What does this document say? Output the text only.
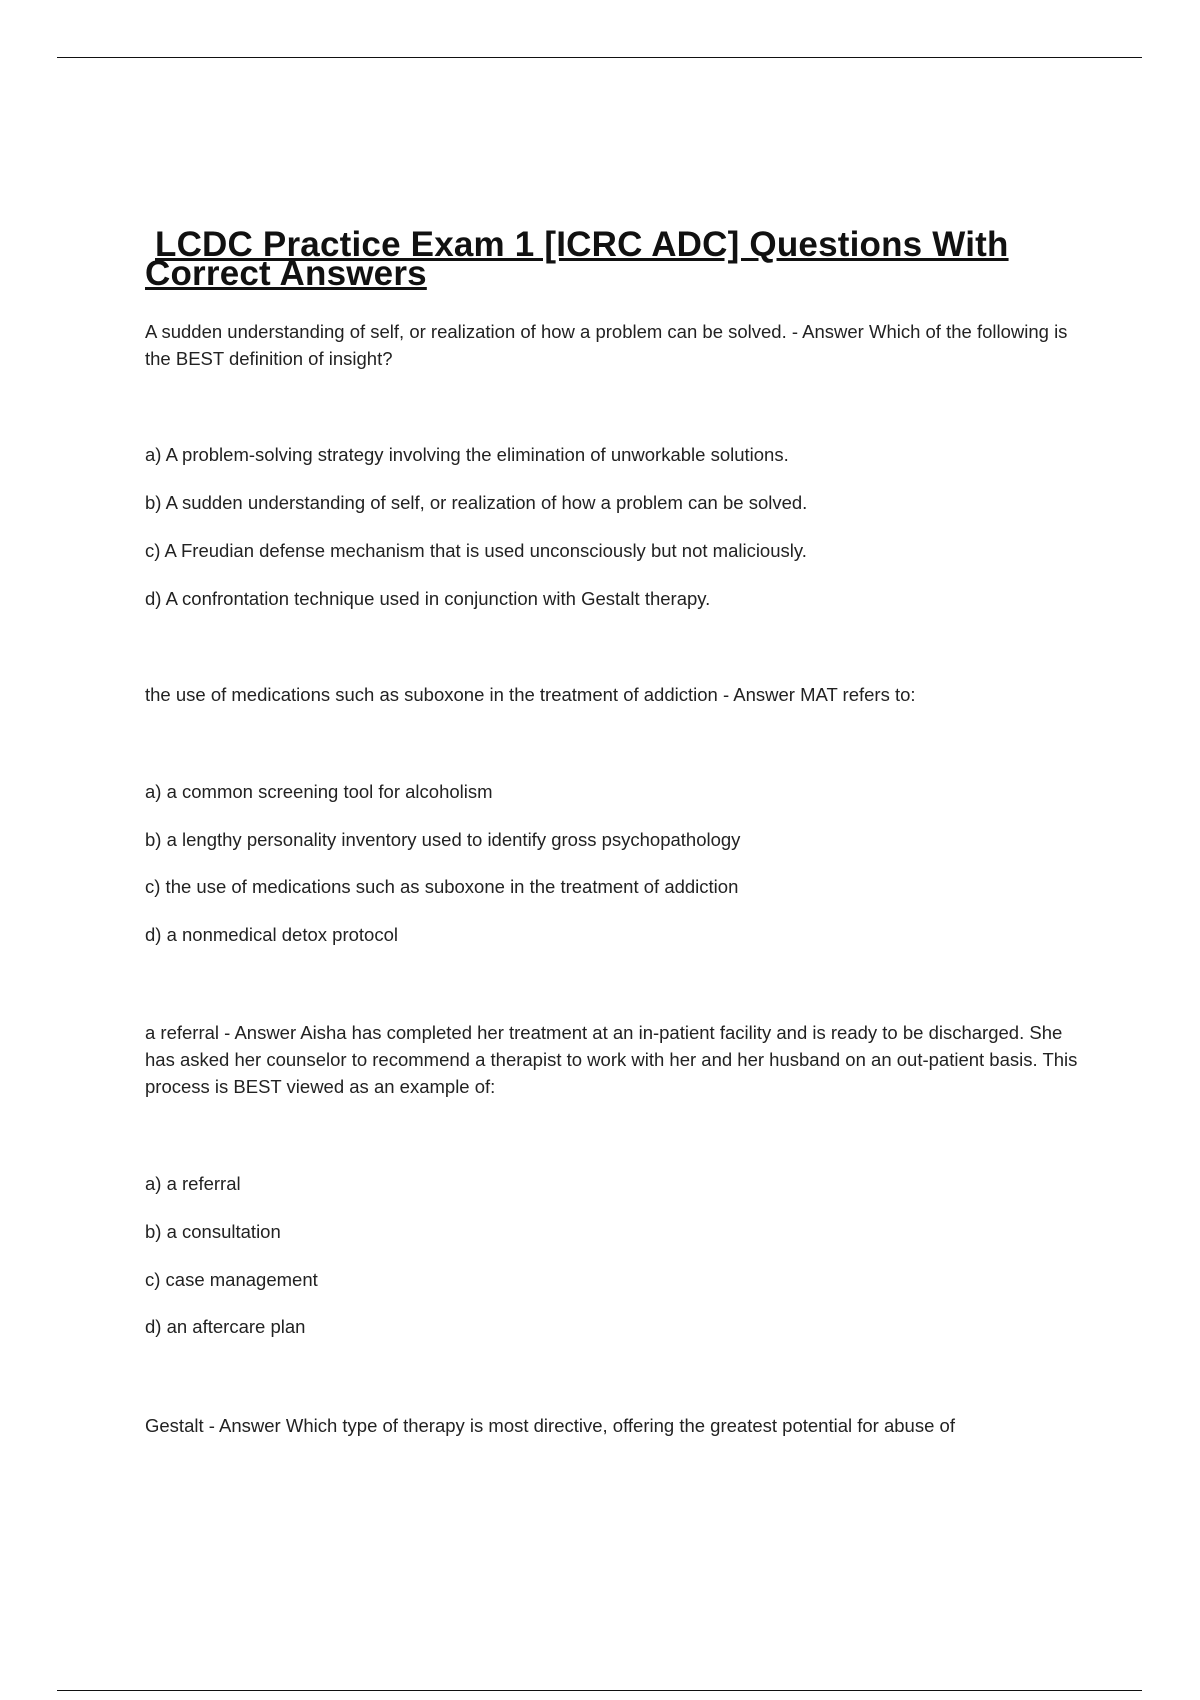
LCDC Practice Exam 1 [ICRC ADC] Questions With
Correct Answers

A sudden understanding of self, or realization of how a problem can be solved. - Answer Which of the following is the BEST definition of insight?

a) A problem-solving strategy involving the elimination of unworkable solutions.

b) A sudden understanding of self, or realization of how a problem can be solved.

c) A Freudian defense mechanism that is used unconsciously but not maliciously.

d) A confrontation technique used in conjunction with Gestalt therapy.

the use of medications such as suboxone in the treatment of addiction - Answer MAT refers to:

a) a common screening tool for alcoholism

b) a lengthy personality inventory used to identify gross psychopathology

c) the use of medications such as suboxone in the treatment of addiction

d) a nonmedical detox protocol

a referral - Answer Aisha has completed her treatment at an in-patient facility and is ready to be discharged. She has asked her counselor to recommend a therapist to work with her and her husband on an out-patient basis. This process is BEST viewed as an example of:

a) a referral

b) a consultation

c) case management

d) an aftercare plan

Gestalt - Answer Which type of therapy is most directive, offering the greatest potential for abuse of
